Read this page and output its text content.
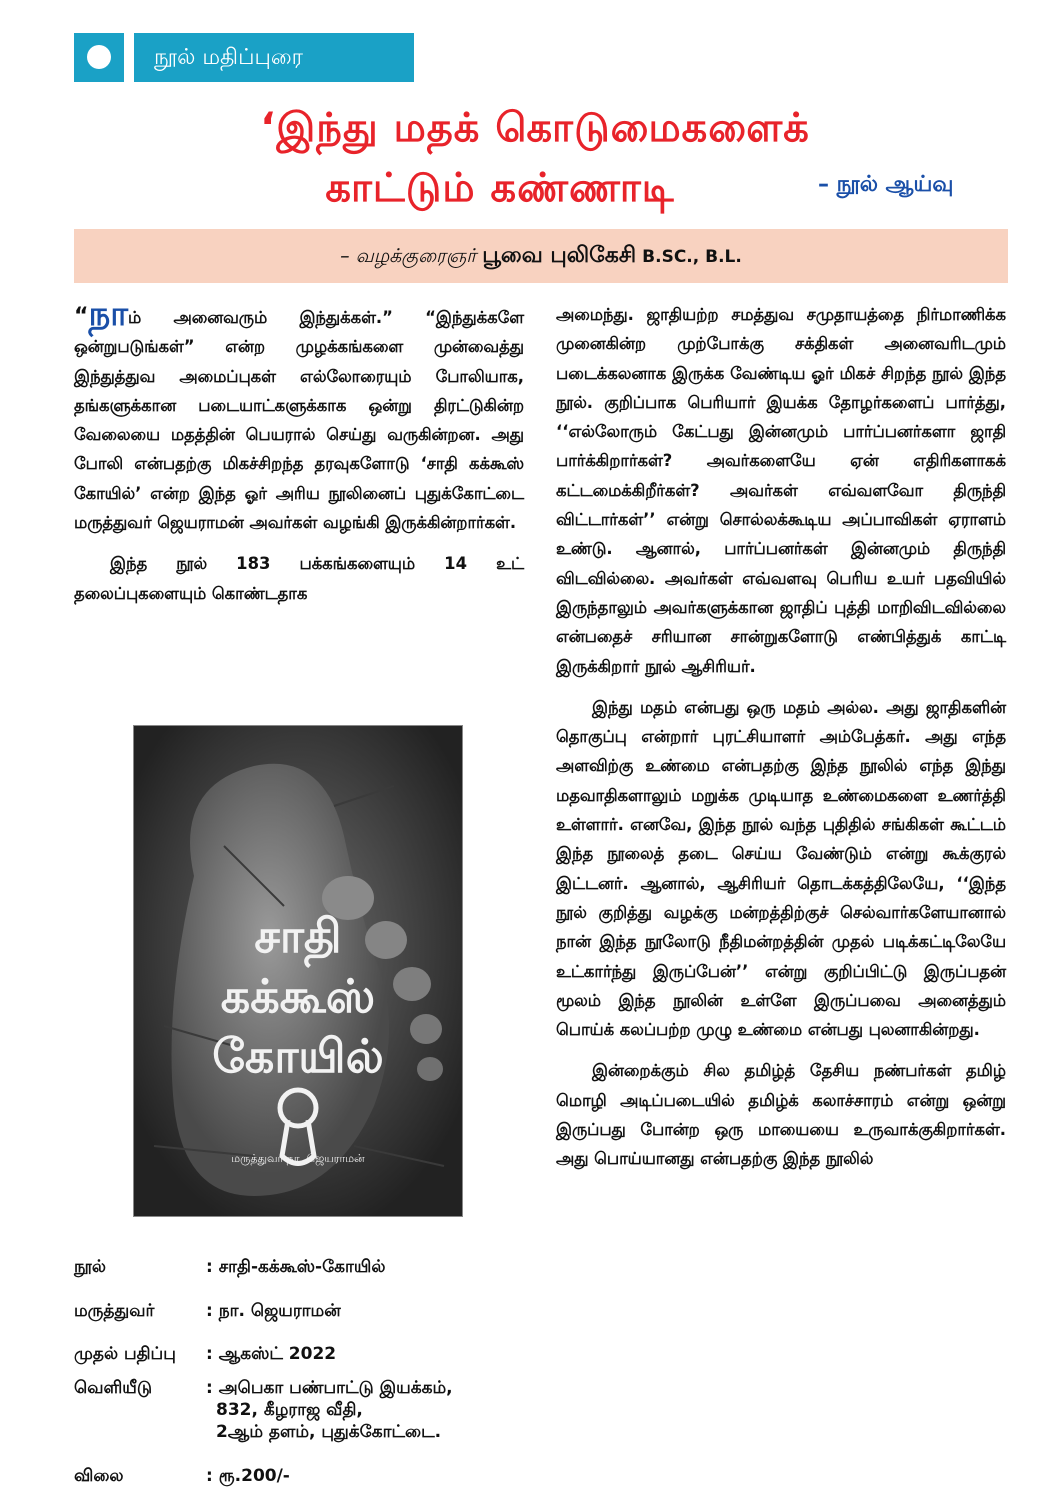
நூல் மதிப்புரை
‘இந்து மதக் கொடுமைகளைக்
காட்டும் கண்ணாடி	– நூல் ஆய்வு
– வழக்குரைஞர் பூவை புலிகேசி B.SC., B.L.

“நாம் அனைவரும் இந்துக்கள்.” “இந்துக்களே ஒன்றுபடுங்கள்” என்ற முழக்கங்களை முன்வைத்து இந்துத்துவ அமைப்புகள் எல்லோரையும் போலியாக, தங்களுக்கான படையாட்களுக்காக ஒன்று திரட்டுகின்ற வேலையை மதத்தின் பெயரால் செய்து வருகின்றன. அது போலி என்பதற்கு மிகச்சிறந்த தரவுகளோடு ‘சாதி கக்கூஸ் கோயில்’ என்ற இந்த ஓர் அரிய நூலினைப் புதுக்கோட்டை மருத்துவர் ஜெயராமன் அவர்கள் வழங்கி இருக்கின்றார்கள்.

இந்த நூல் 183 பக்கங்களையும் 14 உட் தலைப்புகளையும் கொண்டதாக

சாதி
கக்கூஸ்
கோயில்
மருத்துவர் நா. ஜெயராமன்
நூல்	: சாதி-கக்கூஸ்-கோயில்
மருத்துவர்	: நா. ஜெயராமன்
முதல் பதிப்பு : ஆகஸ்ட் 2022
வெளியீடு	: அபெகா பண்பாட்டு இயக்கம்,
832, கீழராஜ வீதி,
2ஆம் தளம், புதுக்கோட்டை.
விலை	: ரூ.200/-

அமைந்து. ஜாதியற்ற சமத்துவ சமுதாயத்தை நிர்மாணிக்க முனைகின்ற முற்போக்கு சக்திகள் அனைவரிடமும் படைக்கலனாக இருக்க வேண்டிய ஓர் மிகச் சிறந்த நூல் இந்த நூல். குறிப்பாக பெரியார் இயக்க தோழர்களைப் பார்த்து, ‘‘எல்லோரும் கேட்பது இன்னமும் பார்ப்பனர்களா ஜாதி பார்க்கிறார்கள்? அவர்களையே ஏன் எதிரிகளாகக் கட்டமைக்கிறீர்கள்? அவர்கள் எவ்வளவோ திருந்தி விட்டார்கள்’’ என்று சொல்லக்கூடிய அப்பாவிகள் ஏராளம் உண்டு. ஆனால், பார்ப்பனர்கள் இன்னமும் திருந்தி விடவில்லை. அவர்கள் எவ்வளவு பெரிய உயர் பதவியில் இருந்தாலும் அவர்களுக்கான ஜாதிப் புத்தி மாறிவிடவில்லை என்பதைச் சரியான சான்றுகளோடு எண்பித்துக் காட்டி இருக்கிறார் நூல் ஆசிரியர்.

இந்து மதம் என்பது ஒரு மதம் அல்ல. அது ஜாதிகளின் தொகுப்பு என்றார் புரட்சியாளர் அம்பேத்கர். அது எந்த அளவிற்கு உண்மை என்பதற்கு இந்த நூலில் எந்த இந்து மதவாதிகளாலும் மறுக்க முடியாத உண்மைகளை உணர்த்தி உள்ளார். எனவே, இந்த நூல் வந்த புதிதில் சங்கிகள் கூட்டம் இந்த நூலைத் தடை செய்ய வேண்டும் என்று கூக்குரல் இட்டனர். ஆனால், ஆசிரியர் தொடக்கத்திலேயே, ‘‘இந்த நூல் குறித்து வழக்கு மன்றத்திற்குச் செல்வார்களேயானால் நான் இந்த நூலோடு நீதிமன்றத்தின் முதல் படிக்கட்டிலேயே உட்கார்ந்து இருப்பேன்’’ என்று குறிப்பிட்டு இருப்பதன் மூலம் இந்த நூலின் உள்ளே இருப்பவை அனைத்தும் பொய்க் கலப்பற்ற முழு உண்மை என்பது புலனாகின்றது.

இன்றைக்கும் சில தமிழ்த் தேசிய நண்பர்கள் தமிழ் மொழி அடிப்படையில் தமிழ்க் கலாச்சாரம் என்று ஒன்று இருப்பது போன்ற ஒரு மாயையை உருவாக்குகிறார்கள். அது பொய்யானது என்பதற்கு இந்த நூலில்
